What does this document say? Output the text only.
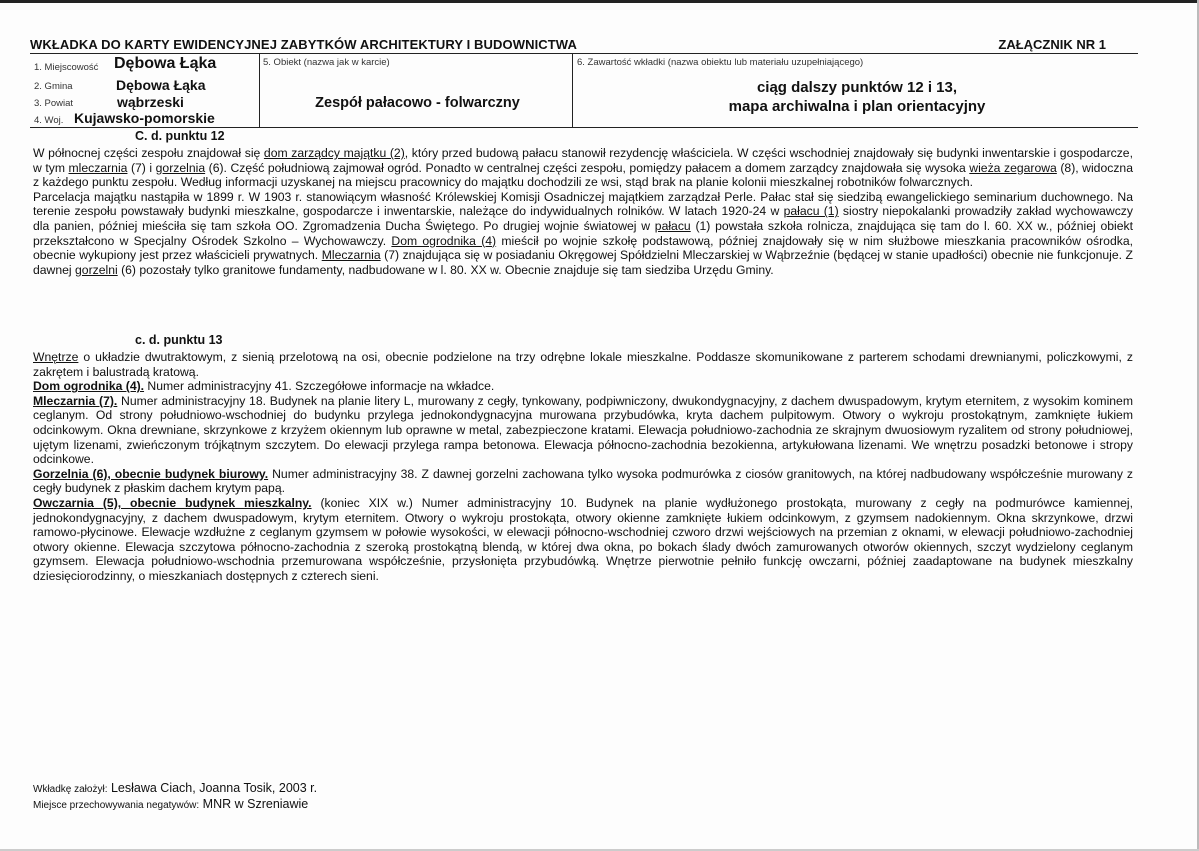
WKŁADKA DO KARTY EWIDENCYJNEJ ZABYTKÓW ARCHITEKTURY I BUDOWNICTWA	ZAŁĄCZNIK NR 1
1. Miejscowość Dębowa Łąka
2. Gmina	Dębowa Łąka
3. Powiat	wąbrzeski
4. Woj. Kujawsko-pomorskie
5. Obiekt (nazwa jak w karcie)
Zespół pałacowo - folwarczny
6. Zawartość wkładki (nazwa obiektu lub materiału uzupełniającego)
ciąg dalszy punktów 12 i 13,
mapa archiwalna i plan orientacyjny
C. d. punktu 12

W północnej części zespołu znajdował się dom zarządcy majątku (2), który przed budową pałacu stanowił rezydencję właściciela. W części wschodniej znajdowały się budynki inwentarskie i gospodarcze, w tym mleczarnia (7) i gorzelnia (6). Część południową zajmował ogród. Ponadto w centralnej części zespołu, pomiędzy pałacem a domem zarządcy znajdowała się wysoka wieża zegarowa (8), widoczna z każdego punktu zespołu. Według informacji uzyskanej na miejscu pracownicy do majątku dochodzili ze wsi, stąd brak na planie kolonii mieszkalnej robotników folwarcznych.

Parcelacja majątku nastąpiła w 1899 r. W 1903 r. stanowiącym własność Królewskiej Komisji Osadniczej majątkiem zarządzał Perle. Pałac stał się siedzibą ewangelickiego seminarium duchownego. Na terenie zespołu powstawały budynki mieszkalne, gospodarcze i inwentarskie, należące do indywidualnych rolników. W latach 1920-24 w pałacu (1) siostry niepokalanki prowadziły zakład wychowawczy dla panien, później mieściła się tam szkoła OO. Zgromadzenia Ducha Świętego. Po drugiej wojnie światowej w pałacu (1) powstała szkoła rolnicza, znajdująca się tam do l. 60. XX w., później obiekt przekształcono w Specjalny Ośrodek Szkolno – Wychowawczy. Dom ogrodnika (4) mieścił po wojnie szkołę podstawową, później znajdowały się w nim służbowe mieszkania pracowników ośrodka, obecnie wykupiony jest przez właścicieli prywatnych. Mleczarnia (7) znajdująca się w posiadaniu Okręgowej Spółdzielni Mleczarskiej w Wąbrzeźnie (będącej w stanie upadłości) obecnie nie funkcjonuje. Z dawnej gorzelni (6) pozostały tylko granitowe fundamenty, nadbudowane w l. 80. XX w. Obecnie znajduje się tam siedziba Urzędu Gminy.

c. d. punktu 13

Wnętrze o układzie dwutraktowym, z sienią przelotową na osi, obecnie podzielone na trzy odrębne lokale mieszkalne. Poddasze skomunikowane z parterem schodami drewnianymi, policzkowymi, z zakrętem i balustradą kratową.

Dom ogrodnika (4). Numer administracyjny 41. Szczegółowe informacje na wkładce.

Mleczarnia (7). Numer administracyjny 18. Budynek na planie litery L, murowany z cegły, tynkowany, podpiwniczony, dwukondygnacyjny, z dachem dwuspadowym, krytym eternitem, z wysokim kominem ceglanym. Od strony południowo-wschodniej do budynku przylega jednokondygnacyjna murowana przybudówka, kryta dachem pulpitowym. Otwory o wykroju prostokątnym, zamknięte łukiem odcinkowym. Okna drewniane, skrzynkowe z krzyżem okiennym lub oprawne w metal, zabezpieczone kratami. Elewacja południowo-zachodnia ze skrajnym dwuosiowym ryzalitem od strony południowej, ujętym lizenami, zwieńczonym trójkątnym szczytem. Do elewacji przylega rampa betonowa. Elewacja północno-zachodnia bezokienna, artykułowana lizenami. We wnętrzu posadzki betonowe i stropy odcinkowe.

Gorzelnia (6), obecnie budynek biurowy. Numer administracyjny 38. Z dawnej gorzelni zachowana tylko wysoka podmurówka z ciosów granitowych, na której nadbudowany współcześnie murowany z cegły budynek z płaskim dachem krytym papą.

Owczarnia (5), obecnie budynek mieszkalny. (koniec XIX w.) Numer administracyjny 10. Budynek na planie wydłużonego prostokąta, murowany z cegły na podmurówce kamiennej, jednokondygnacyjny, z dachem dwuspadowym, krytym eternitem. Otwory o wykroju prostokąta, otwory okienne zamknięte łukiem odcinkowym, z gzymsem nadokiennym. Okna skrzynkowe, drzwi ramowo-płycinowe. Elewacje wzdłużne z ceglanym gzymsem w połowie wysokości, w elewacji północno-wschodniej czworo drzwi wejściowych na przemian z oknami, w elewacji południowo-zachodniej otwory okienne. Elewacja szczytowa północno-zachodnia z szeroką prostokątną blendą, w której dwa okna, po bokach ślady dwóch zamurowanych otworów okiennych, szczyt wydzielony ceglanym gzymsem. Elewacja południowo-wschodnia przemurowana współcześnie, przysłonięta przybudówką. Wnętrze pierwotnie pełniło funkcję owczarni, później zaadaptowane na budynek mieszkalny dziesięciorodzinny, o mieszkaniach dostępnych z czterech sieni.

Wkładkę założył: Lesława Ciach, Joanna Tosik, 2003 r.
Miejsce przechowywania negatywów: MNR w Szreniawie
